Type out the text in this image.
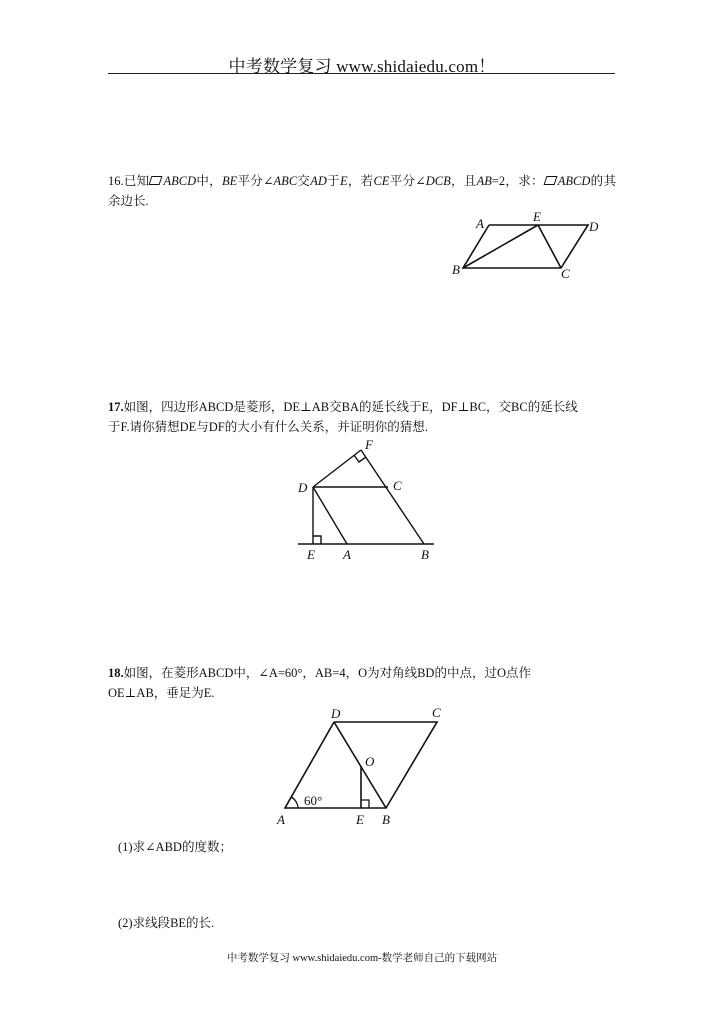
中考数学复习 www.shidaiedu.com！
16.已知 ABCD中，BE平分∠ABC交AD于E，若CE平分∠DCB，且AB=2，求： ABCD的其余边长.
A	E
D
B	C
17.如图，四边形ABCD是菱形，DE⊥AB交BA的延长线于E，DF⊥BC，交BC的延长线
于F.请你猜想DE与DF的大小有什么关系，并证明你的猜想.
F
D	C
E A	B
18.如图，在菱形ABCD中，∠A=60°，AB=4，O为对角线BD的中点，过O点作
OE⊥AB，垂足为E.
D	C
O
A	E B
60°
(1)求∠ABD的度数；
(2)求线段BE的长.
中考数学复习 www.shidaiedu.com-数学老师自己的下载网站
